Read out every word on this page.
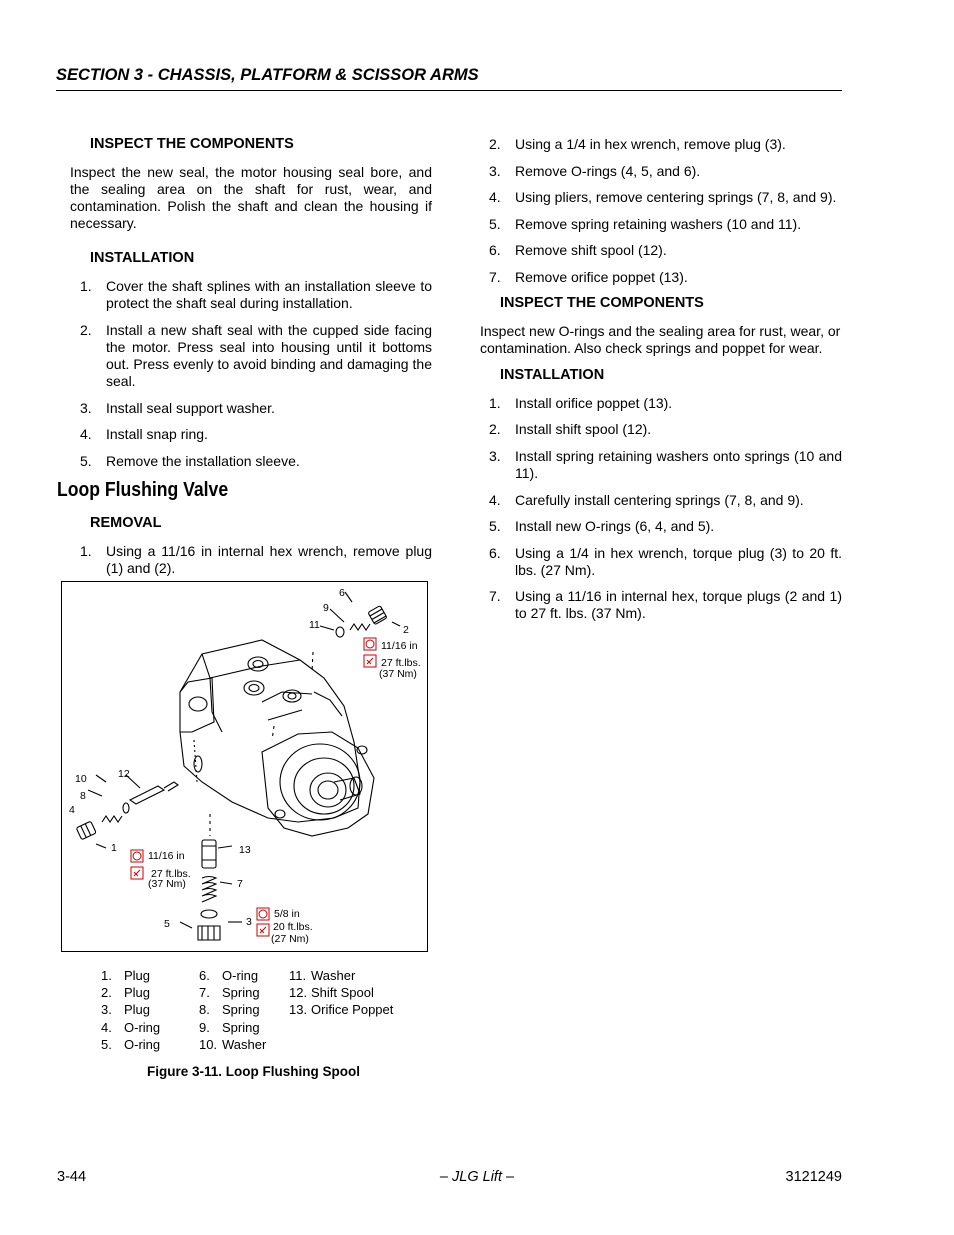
SECTION 3 - CHASSIS, PLATFORM & SCISSOR ARMS
INSPECT THE COMPONENTS
Inspect the new seal, the motor housing seal bore, and the sealing area on the shaft for rust, wear, and contamination. Polish the shaft and clean the housing if necessary.
INSTALLATION
1. Cover the shaft splines with an installation sleeve to protect the shaft seal during installation.
2. Install a new shaft seal with the cupped side facing the motor. Press seal into housing until it bottoms out. Press evenly to avoid binding and damaging the seal.
3. Install seal support washer.
4. Install snap ring.
5. Remove the installation sleeve.
Loop Flushing Valve
REMOVAL
1. Using a 11/16 in internal hex wrench, remove plug (1) and (2).
6
9
11	2
11/16 in
27 ft.lbs.
(37 Nm)
10	12
8
4
1
11/16 in
27 ft.lbs.
(37 Nm)
13
7
5	3
5/8 in
20 ft.lbs.
(27 Nm)
1. Plug
2. Plug
3. Plug
4. O-ring
5. O-ring
6. O-ring
7. Spring
8. Spring
9. Spring
10. Washer
11. Washer
12. Shift Spool
13. Orifice Poppet
Figure 3-11. Loop Flushing Spool
2. Using a 1/4 in hex wrench, remove plug (3).
3. Remove O-rings (4, 5, and 6).
4. Using pliers, remove centering springs (7, 8, and 9).
5. Remove spring retaining washers (10 and 11).
6. Remove shift spool (12).
7. Remove orifice poppet (13).
INSPECT THE COMPONENTS
Inspect new O-rings and the sealing area for rust, wear, or contamination. Also check springs and poppet for wear.
INSTALLATION
1. Install orifice poppet (13).
2. Install shift spool (12).
3. Install spring retaining washers onto springs (10 and 11).
4. Carefully install centering springs (7, 8, and 9).
5. Install new O-rings (6, 4, and 5).
6. Using a 1/4 in hex wrench, torque plug (3) to 20 ft. lbs. (27 Nm).
7. Using a 11/16 in internal hex, torque plugs (2 and 1) to 27 ft. lbs. (37 Nm).
3-44	– JLG Lift –	3121249
